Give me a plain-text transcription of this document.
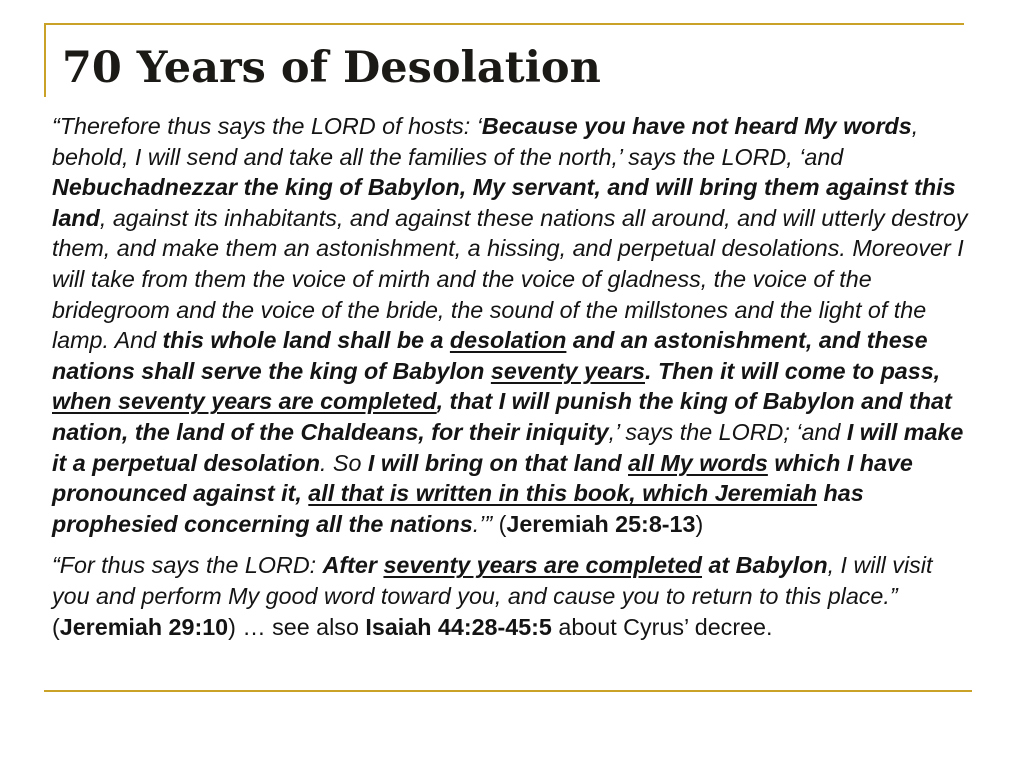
70 Years of Desolation

“Therefore thus says the LORD of hosts: ‘Because you have not heard My words, behold, I will send and take all the families of the north,’ says the LORD, ‘and Nebuchadnezzar the king of Babylon, My servant, and will bring them against this land, against its inhabitants, and against these nations all around, and will utterly destroy them, and make them an astonishment, a hissing, and perpetual desolations. Moreover I will take from them the voice of mirth and the voice of gladness, the voice of the bridegroom and the voice of the bride, the sound of the millstones and the light of the lamp. And this whole land shall be a desolation and an astonishment, and these nations shall serve the king of Babylon seventy years. Then it will come to pass, when seventy years are completed, that I will punish the king of Babylon and that nation, the land of the Chaldeans, for their iniquity,’ says the LORD; ‘and I will make it a perpetual desolation. So I will bring on that land all My words which I have pronounced against it, all that is written in this book, which Jeremiah has prophesied concerning all the nations.’” (Jeremiah 25:8-13)

“For thus says the LORD: After seventy years are completed at Babylon, I will visit you and perform My good word toward you, and cause you to return to this place.” (Jeremiah 29:10) … see also Isaiah 44:28-45:5 about Cyrus’ decree.
